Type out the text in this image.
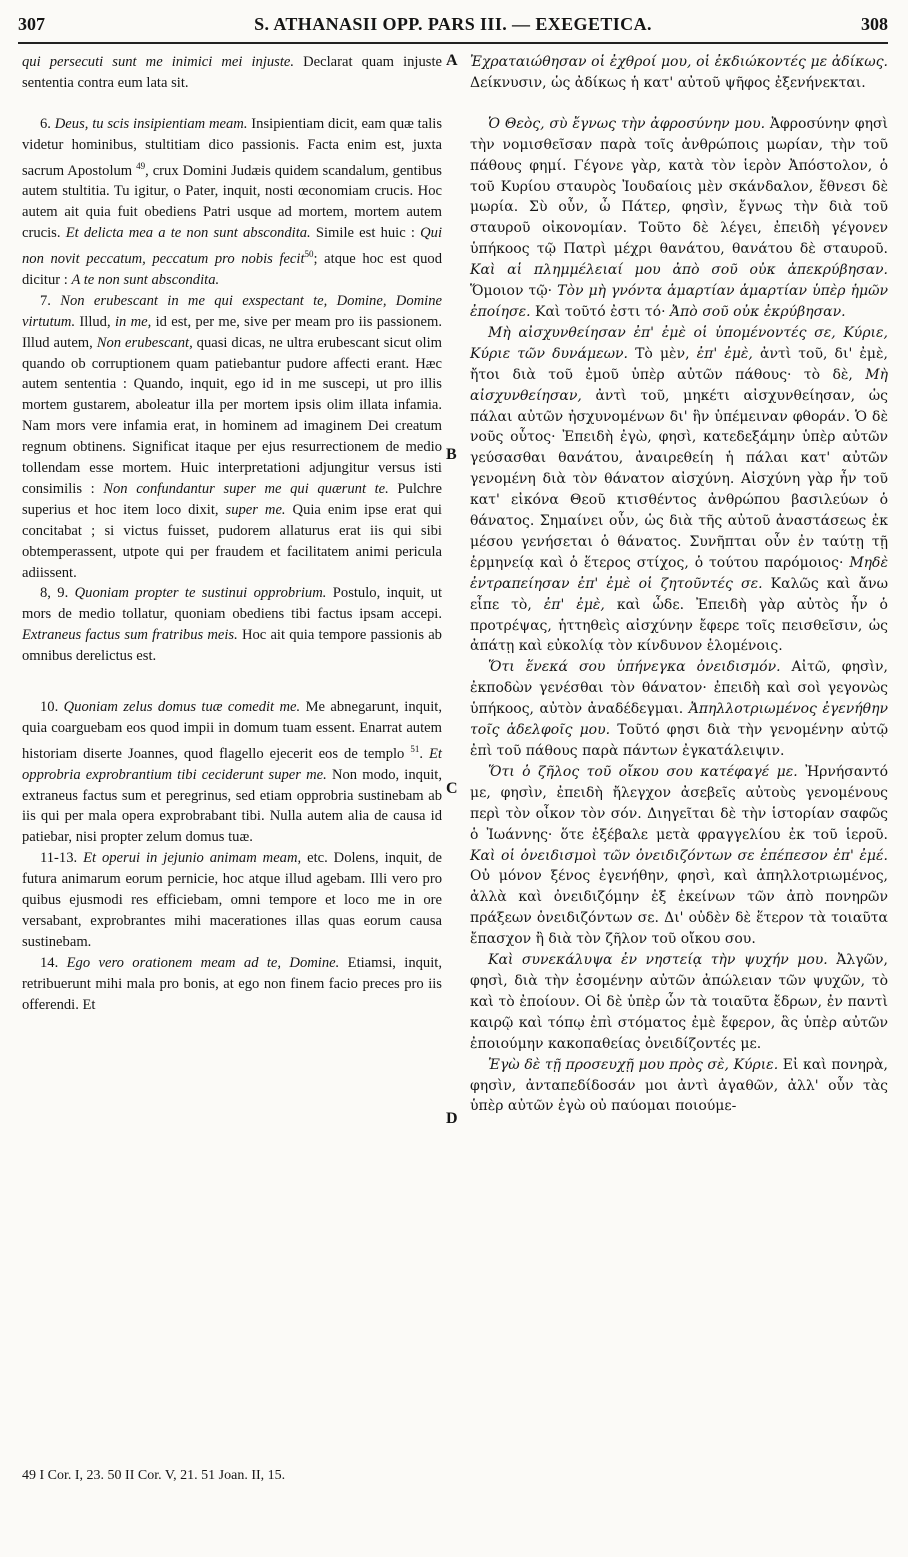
307	S. ATHANASII OPP. PARS III. — EXEGETICA.	308
A
B
C
D

qui persecuti sunt me inimici mei injuste. Declarat quam injuste sententia contra eum lata sit.

6. Deus, tu scis insipientiam meam. Insipientiam dicit, eam quæ talis videtur hominibus, stultitiam dico passionis. Facta enim est, juxta sacrum Apostolum $^{49}$, crux Domini Judæis quidem scandalum, gentibus autem stultitia. Tu igitur, o Pater, inquit, nosti œconomiam crucis. Hoc autem ait quia fuit obediens Patri usque ad mortem, mortem autem crucis. Et delicta mea a te non sunt abscondita. Simile est huic : Qui non novit peccatum, peccatum pro nobis fecit$^{50}$; atque hoc est quod dicitur : A te non sunt abscondita.

7. Non erubescant in me qui exspectant te, Domine, Domine virtutum. Illud, in me, id est, per me, sive per meam pro iis passionem. Illud autem, Non erubescant, quasi dicas, ne ultra erubescant sicut olim quando ob corruptionem quam patiebantur pudore affecti erant. Hæc autem sententia : Quando, inquit, ego id in me suscepi, ut pro illis mortem gustarem, aboleatur illa per mortem ipsis olim illata infamia. Nam mors vere infamia erat, in hominem ad imaginem Dei creatum regnum obtinens. Significat itaque per ejus resurrectionem de medio tollendam esse mortem. Huic interpretationi adjungitur versus isti consimilis : Non confundantur super me qui quærunt te. Pulchre superius et hoc item loco dixit, super me. Quia enim ipse erat qui concitabat ; si victus fuisset, pudorem allaturus erat iis qui sibi obtemperassent, utpote qui per fraudem et facilitatem animi pericula adiissent.

8, 9. Quoniam propter te sustinui opprobrium. Postulo, inquit, ut mors de medio tollatur, quoniam obediens tibi factus ipsam accepi. Extraneus factus sum fratribus meis. Hoc ait quia tempore passionis ab omnibus derelictus est.

10. Quoniam zelus domus tuæ comedit me. Me abnegarunt, inquit, quia coarguebam eos quod impii in domum tuam essent. Enarrat autem historiam diserte Joannes, quod flagello ejecerit eos de templo $^{51}$. Et opprobria exprobrantium tibi ceciderunt super me. Non modo, inquit, extraneus factus sum et peregrinus, sed etiam opprobria sustinebam ab iis qui per mala opera exprobrabant tibi. Nulla autem alia de causa id patiebar, nisi propter zelum domus tuæ.

11-13. Et operui in jejunio animam meam, etc. Dolens, inquit, de futura animarum eorum pernicie, hoc atque illud agebam. Illi vero pro quibus ejusmodi res efficiebam, omni tempore et loco me in ore versabant, exprobrantes mihi macerationes illas quas eorum causa sustinebam.

14. Ego vero orationem meam ad te, Domine. Etiamsi, inquit, retribuerunt mihi mala pro bonis, at ego non finem facio preces pro iis offerendi. Et

Ἐχραταιώθησαν οἱ ἐχθροί μου, οἱ ἐκδιώκοντές με ἀδίκως. Δείκνυσιν, ὡς ἀδίκως ἡ κατ' αὐτοῦ ψῆφος ἐξενήνεκται.

Ὁ Θεὸς, σὺ ἔγνως τὴν ἀφροσύνην μου. Ἀφροσύνην φησὶ τὴν νομισθεῖσαν παρὰ τοῖς ἀνθρώποις μωρίαν, τὴν τοῦ πάθους φημί. Γέγονε γὰρ, κατὰ τὸν ἱερὸν Ἀπόστολον, ὁ τοῦ Κυρίου σταυρὸς Ἰουδαίοις μὲν σκάνδαλον, ἔθνεσι δὲ μωρία. Σὺ οὖν, ὦ Πάτερ, φησὶν, ἔγνως τὴν διὰ τοῦ σταυροῦ οἰκονομίαν. Τοῦτο δὲ λέγει, ἐπειδὴ γέγονεν ὑπήκοος τῷ Πατρὶ μέχρι θανάτου, θανάτου δὲ σταυροῦ. Καὶ αἱ πλημμέλειαί μου ἀπὸ σοῦ οὐκ ἀπεκρύβησαν. Ὅμοιον τῷ· Τὸν μὴ γνόντα ἁμαρτίαν ἁμαρτίαν ὑπὲρ ἡμῶν ἐποίησε. Καὶ τοῦτό ἐστι τό· Ἀπὸ σοῦ οὐκ ἐκρύβησαν.

Μὴ αἰσχυνθείησαν ἐπ' ἐμὲ οἱ ὑπομένοντές σε, Κύριε, Κύριε τῶν δυνάμεων. Τὸ μὲν, ἐπ' ἐμὲ, ἀντὶ τοῦ, δι' ἐμὲ, ἤτοι διὰ τοῦ ἐμοῦ ὑπὲρ αὐτῶν πάθους· τὸ δὲ, Μὴ αἰσχυνθείησαν, ἀντὶ τοῦ, μηκέτι αἰσχυνθείησαν, ὡς πάλαι αὐτῶν ἠσχυνομένων δι' ἣν ὑπέμειναν φθοράν. Ὁ δὲ νοῦς οὗτος· Ἐπειδὴ ἐγὼ, φησὶ, κατεδεξάμην ὑπὲρ αὐτῶν γεύσασθαι θανάτου, ἀναιρεθείη ἡ πάλαι κατ' αὐτῶν γενομένη διὰ τὸν θάνατον αἰσχύνη. Αἰσχύνη γὰρ ἦν τοῦ κατ' εἰκόνα Θεοῦ κτισθέντος ἀνθρώπου βασιλεύων ὁ θάνατος. Σημαίνει οὖν, ὡς διὰ τῆς αὐτοῦ ἀναστάσεως ἐκ μέσου γενήσεται ὁ θάνατος. Συνῆπται οὖν ἐν ταύτῃ τῇ ἑρμηνείᾳ καὶ ὁ ἕτερος στίχος, ὁ τούτου παρόμοιος· Μηδὲ ἐντραπείησαν ἐπ' ἐμὲ οἱ ζητοῦντές σε. Καλῶς καὶ ἄνω εἶπε τὸ, ἐπ' ἐμὲ, καὶ ὧδε. Ἐπειδὴ γὰρ αὐτὸς ἦν ὁ προτρέψας, ἡττηθεὶς αἰσχύνην ἔφερε τοῖς πεισθεῖσιν, ὡς ἀπάτῃ καὶ εὐκολίᾳ τὸν κίνδυνον ἑλομένοις.

Ὅτι ἕνεκά σου ὑπήνεγκα ὀνειδισμόν. Αἰτῶ, φησὶν, ἐκποδὼν γενέσθαι τὸν θάνατον· ἐπειδὴ καὶ σοὶ γεγονὼς ὑπήκοος, αὐτὸν ἀναδέδεγμαι. Ἀπηλλοτριωμένος ἐγενήθην τοῖς ἀδελφοῖς μου. Τοῦτό φησι διὰ τὴν γενομένην αὐτῷ ἐπὶ τοῦ πάθους παρὰ πάντων ἐγκατάλειψιν.

Ὅτι ὁ ζῆλος τοῦ οἴκου σου κατέφαγέ με. Ἠρνήσαντό με, φησὶν, ἐπειδὴ ἤλεγχον ἀσεβεῖς αὐτοὺς γενομένους περὶ τὸν οἶκον τὸν σόν. Διηγεῖται δὲ τὴν ἱστορίαν σαφῶς ὁ Ἰωάννης· ὅτε ἐξέβαλε μετὰ φραγγελίου ἐκ τοῦ ἱεροῦ. Καὶ οἱ ὀνειδισμοὶ τῶν ὀνειδιζόντων σε ἐπέπεσον ἐπ' ἐμέ. Οὐ μόνον ξένος ἐγενήθην, φησὶ, καὶ ἀπηλλοτριωμένος, ἀλλὰ καὶ ὀνειδιζόμην ἐξ ἐκείνων τῶν ἀπὸ πονηρῶν πράξεων ὀνειδιζόντων σε. Δι' οὐδὲν δὲ ἕτερον τὰ τοιαῦτα ἔπασχον ἢ διὰ τὸν ζῆλον τοῦ οἴκου σου.

Καὶ συνεκάλυψα ἐν νηστείᾳ τὴν ψυχήν μου. Ἀλγῶν, φησὶ, διὰ τὴν ἐσομένην αὐτῶν ἀπώλειαν τῶν ψυχῶν, τὸ καὶ τὸ ἐποίουν. Οἱ δὲ ὑπὲρ ὧν τὰ τοιαῦτα ἔδρων, ἐν παντὶ καιρῷ καὶ τόπῳ ἐπὶ στόματος ἐμὲ ἔφερον, ἃς ὑπὲρ αὐτῶν ἐποιούμην κακοπαθείας ὀνειδίζοντές με.

Ἐγὼ δὲ τῇ προσευχῇ μου πρὸς σὲ, Κύριε. Εἰ καὶ πονηρὰ, φησὶν, ἀνταπεδίδοσάν μοι ἀντὶ ἀγαθῶν, ἀλλ' οὖν τὰς ὑπὲρ αὐτῶν ἐγὼ οὐ παύομαι ποιούμε-

49 I Cor. I, 23. 50 II Cor. V, 21. 51 Joan. II, 15.
